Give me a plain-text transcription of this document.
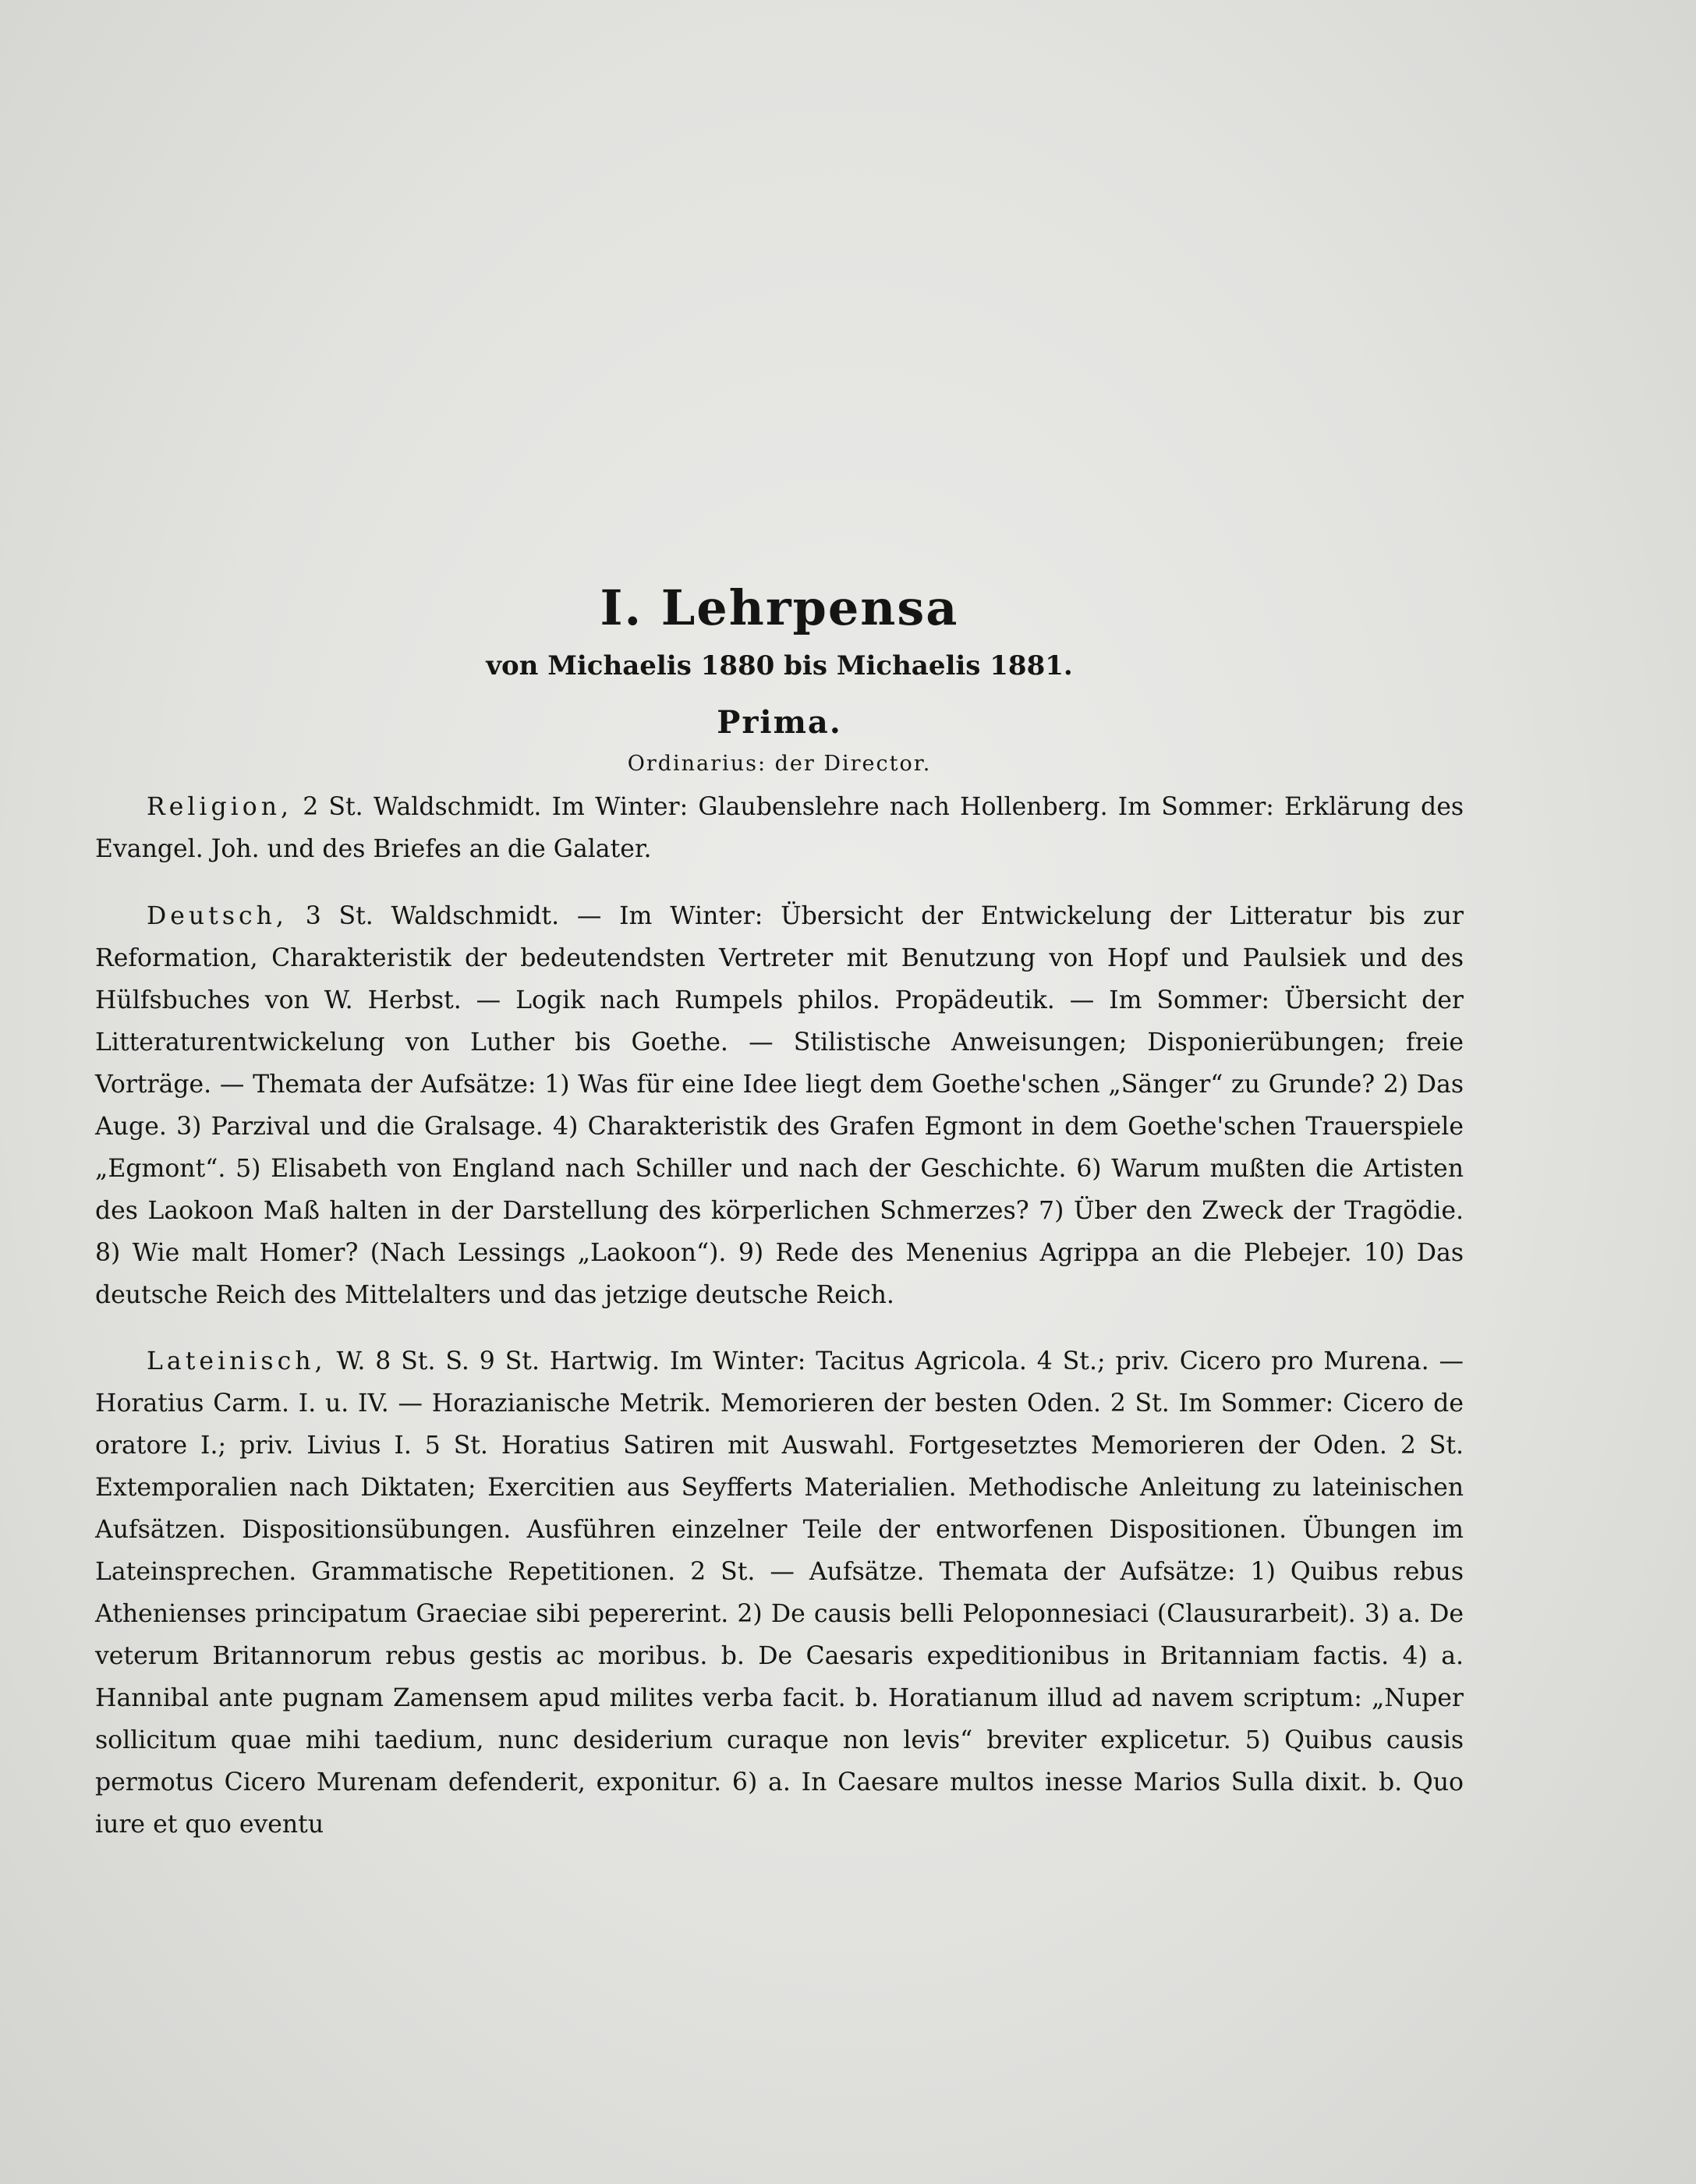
I. Lehrpensa
von Michaelis 1880 bis Michaelis 1881.
Prima.
Ordinarius: der Director.

Religion, 2 St. Waldschmidt. Im Winter: Glaubenslehre nach Hollenberg. Im Sommer: Erklärung des Evangel. Joh. und des Briefes an die Galater.

Deutsch, 3 St. Waldschmidt. — Im Winter: Übersicht der Entwickelung der Litteratur bis zur Reformation, Charakteristik der bedeutendsten Vertreter mit Benutzung von Hopf und Paulsiek und des Hülfsbuches von W. Herbst. — Logik nach Rumpels philos. Propädeutik. — Im Sommer: Übersicht der Litteraturentwickelung von Luther bis Goethe. — Stilistische Anweisungen; Disponierübungen; freie Vorträge. — Themata der Aufsätze: 1) Was für eine Idee liegt dem Goethe'schen „Sänger“ zu Grunde? 2) Das Auge. 3) Parzival und die Gralsage. 4) Charakteristik des Grafen Egmont in dem Goethe'schen Trauerspiele „Egmont“. 5) Elisabeth von England nach Schiller und nach der Geschichte. 6) Warum mußten die Artisten des Laokoon Maß halten in der Darstellung des körperlichen Schmerzes? 7) Über den Zweck der Tragödie. 8) Wie malt Homer? (Nach Lessings „Laokoon“). 9) Rede des Menenius Agrippa an die Plebejer. 10) Das deutsche Reich des Mittelalters und das jetzige deutsche Reich.

Lateinisch, W. 8 St. S. 9 St. Hartwig. Im Winter: Tacitus Agricola. 4 St.; priv. Cicero pro Murena. — Horatius Carm. I. u. IV. — Horazianische Metrik. Memorieren der besten Oden. 2 St. Im Sommer: Cicero de oratore I.; priv. Livius I. 5 St. Horatius Satiren mit Auswahl. Fortgesetztes Memorieren der Oden. 2 St. Extemporalien nach Diktaten; Exercitien aus Seyfferts Materialien. Methodische Anleitung zu lateinischen Aufsätzen. Dispositionsübungen. Ausführen einzelner Teile der entworfenen Dispositionen. Übungen im Lateinsprechen. Grammatische Repetitionen. 2 St. — Aufsätze. Themata der Aufsätze: 1) Quibus rebus Athenienses principatum Graeciae sibi pepererint. 2) De causis belli Peloponnesiaci (Clausurarbeit). 3) a. De veterum Britannorum rebus gestis ac moribus. b. De Caesaris expeditionibus in Britanniam factis. 4) a. Hannibal ante pugnam Zamensem apud milites verba facit. b. Horatianum illud ad navem scriptum: „Nuper sollicitum quae mihi taedium, nunc desiderium curaque non levis“ breviter explicetur. 5) Quibus causis permotus Cicero Murenam defenderit, exponitur. 6) a. In Caesare multos inesse Marios Sulla dixit. b. Quo iure et quo eventu
